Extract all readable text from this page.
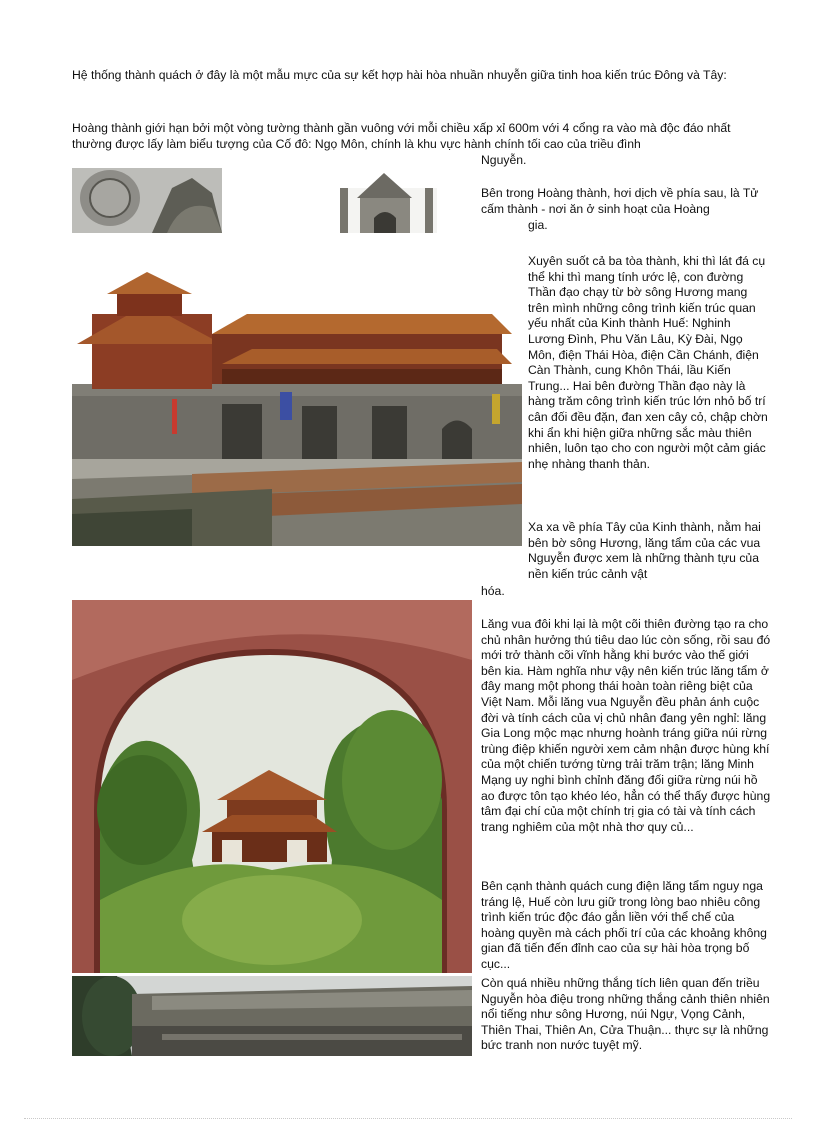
Hệ thống thành quách ở đây là một mẫu mực của sự kết hợp hài hòa nhuần nhuyễn giữa tinh hoa kiến trúc Đông và Tây:

Hoàng thành giới hạn bởi một vòng tường thành gần vuông với mỗi chiều xấp xỉ 600m với 4 cổng ra vào mà độc đáo nhất thường được lấy làm biểu tượng của Cố đô: Ngọ Môn, chính là khu vực hành chính tối cao của triều đình

Nguyễn.

Bên trong Hoàng thành, hơi dịch về phía sau, là Tử cấm thành - nơi ăn ở sinh hoạt của Hoàng

gia.

Xuyên suốt cả ba tòa thành, khi thì lát đá cụ thể khi thì mang tính ước lệ, con đường Thần đạo chạy từ bờ sông Hương mang trên mình những công trình kiến trúc quan yếu nhất của Kinh thành Huế: Nghinh Lương Đình, Phu Văn Lâu, Kỳ Đài, Ngọ Môn, điện Thái Hòa, điện Cần Chánh, điện Càn Thành, cung Khôn Thái, lầu Kiến Trung... Hai bên đường Thần đạo này là hàng trăm công trình kiến trúc lớn nhỏ bố trí cân đối đều đặn, đan xen cây cỏ, chập chờn khi ẩn khi hiện giữa những sắc màu thiên nhiên, luôn tạo cho con người một cảm giác nhẹ nhàng thanh thản.

Xa xa về phía Tây của Kinh thành, nằm hai bên bờ sông Hương, lăng tẩm của các vua Nguyễn được xem là những thành tựu của nền kiến trúc cảnh vật

hóa.

Lăng vua đôi khi lại là một cõi thiên đường tạo ra cho chủ nhân hưởng thú tiêu dao lúc còn sống, rồi sau đó mới trở thành cõi vĩnh hằng khi bước vào thế giới bên kia. Hàm nghĩa như vậy nên kiến trúc lăng tẩm ở đây mang một phong thái hoàn toàn riêng biệt của Việt Nam. Mỗi lăng vua Nguyễn đều phản ánh cuộc đời và tính cách của vị chủ nhân đang yên nghỉ: lăng Gia Long mộc mạc nhưng hoành tráng giữa núi rừng trùng điệp khiến người xem cảm nhận được hùng khí của một chiến tướng từng trải trăm trận; lăng Minh Mạng uy nghi bình chỉnh đăng đối giữa rừng núi hồ ao được tôn tạo khéo léo, hẳn có thể thấy được hùng tâm đại chí của một chính trị gia có tài và tính cách trang nghiêm của một nhà thơ quy củ...

Bên cạnh thành quách cung điện lăng tẩm nguy nga tráng lệ, Huế còn lưu giữ trong lòng bao nhiêu công trình kiến trúc độc đáo gắn liền với thể chế của hoàng quyền mà cách phối trí của các khoảng không gian đã tiến đến đỉnh cao của sự hài hòa trọng bố cục...

Còn quá nhiều những thắng tích liên quan đến triều Nguyễn hòa điệu trong những thắng cảnh thiên nhiên nổi tiếng như sông Hương, núi Ngự, Vọng Cảnh, Thiên Thai, Thiên An, Cửa Thuận... thực sự là những bức tranh non nước tuyệt mỹ.
